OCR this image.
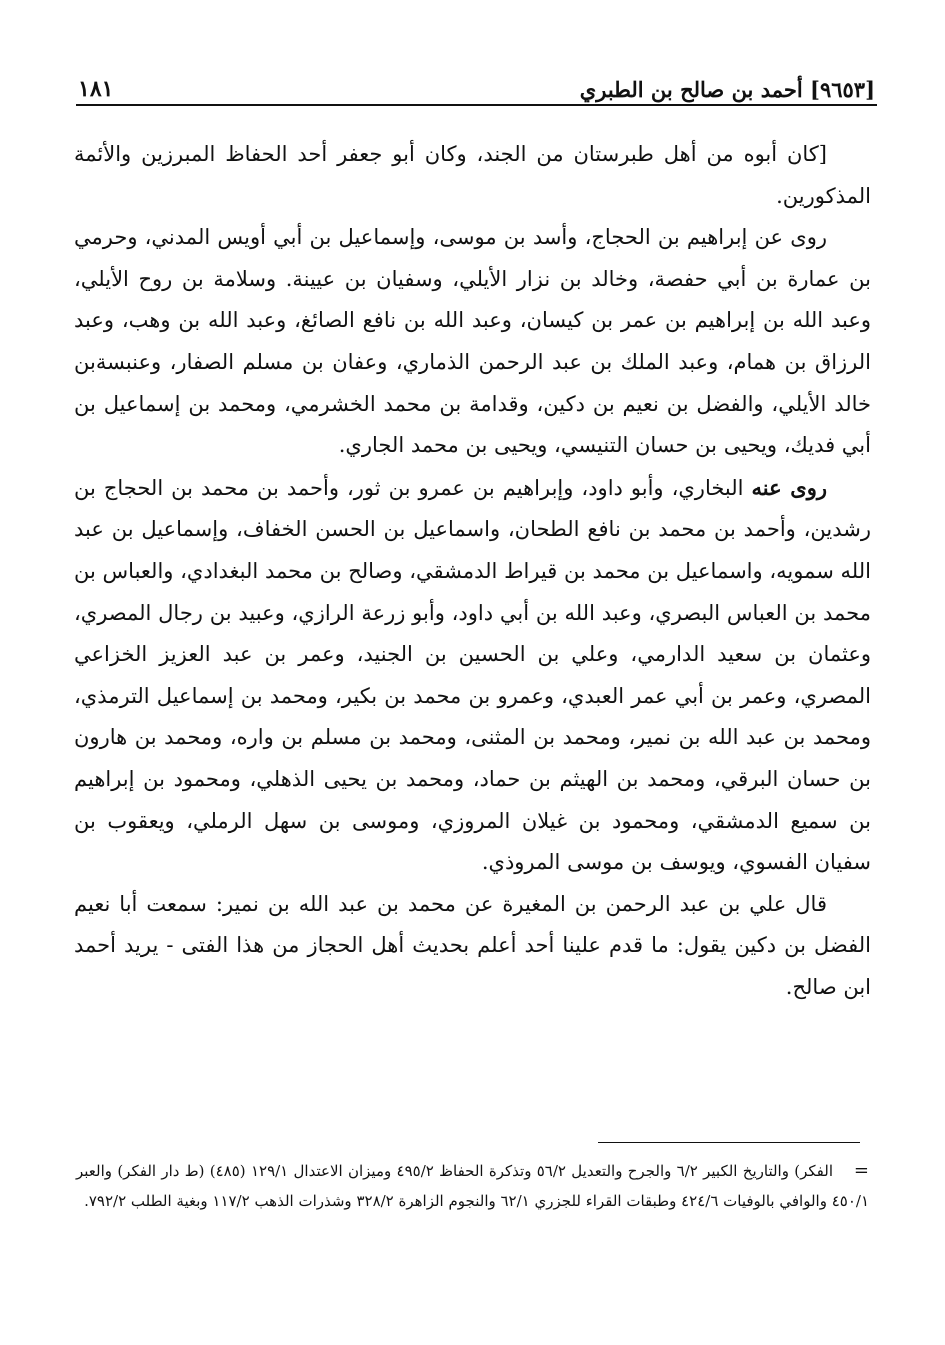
١٨١	[٩٦٥٣] أحمد بن صالح بن الطبري

[كان أبوه من أهل طبرستان من الجند، وكان أبو جعفر أحد الحفاظ المبرزين والأئمة المذكورين.

روى عن إبراهيم بن الحجاج، وأسد بن موسى، وإسماعيل بن أبي أويس المدني، وحرمي بن عمارة بن أبي حفصة، وخالد بن نزار الأيلي، وسفيان بن عيينة. وسلامة بن روح الأيلي، وعبد الله بن إبراهيم بن عمر بن كيسان، وعبد الله بن نافع الصائغ، وعبد الله بن وهب، وعبد الرزاق بن همام، وعبد الملك بن عبد الرحمن الذماري، وعفان بن مسلم الصفار، وعنبسةبن خالد الأيلي، والفضل بن نعيم بن دكين، وقدامة بن محمد الخشرمي، ومحمد بن إسماعيل بن أبي فديك، ويحيى بن حسان التنيسي، ويحيى بن محمد الجاري.

روى عنه البخاري، وأبو داود، وإبراهيم بن عمرو بن ثور، وأحمد بن محمد بن الحجاج بن رشدين، وأحمد بن محمد بن نافع الطحان، واسماعيل بن الحسن الخفاف، وإسماعيل بن عبد الله سمويه، واسماعيل بن محمد بن قيراط الدمشقي، وصالح بن محمد البغدادي، والعباس بن محمد بن العباس البصري، وعبد الله بن أبي داود، وأبو زرعة الرازي، وعبيد بن رجال المصري، وعثمان بن سعيد الدارمي، وعلي بن الحسين بن الجنيد، وعمر بن عبد العزيز الخزاعي المصري، وعمر بن أبي عمر العبدي، وعمرو بن محمد بن بكير، ومحمد بن إسماعيل الترمذي، ومحمد بن عبد الله بن نمير، ومحمد بن المثنى، ومحمد بن مسلم بن واره، ومحمد بن هارون بن حسان البرقي، ومحمد بن الهيثم بن حماد، ومحمد بن يحيى الذهلي، ومحمود بن إبراهيم بن سميع الدمشقي، ومحمود بن غيلان المروزي، وموسى بن سهل الرملي، ويعقوب بن سفيان الفسوي، ويوسف بن موسى المروذي.

قال علي بن عبد الرحمن بن المغيرة عن محمد بن عبد الله بن نمير: سمعت أبا نعيم الفضل بن دكين يقول: ما قدم علينا أحد أعلم بحديث أهل الحجاز من هذا الفتى - يريد أحمد ابن صالح.

=الفكر) والتاريخ الكبير ٦/٢ والجرح والتعديل ٥٦/٢ وتذكرة الحفاظ ٤٩٥/٢ وميزان الاعتدال ١٢٩/١ (٤٨٥) (ط دار الفكر) والعبر ٤٥٠/١ والوافي بالوفيات ٤٢٤/٦ وطبقات القراء للجزري ٦٢/١ والنجوم الزاهرة ٣٢٨/٢ وشذرات الذهب ١١٧/٢ وبغية الطلب ٧٩٢/٢.
